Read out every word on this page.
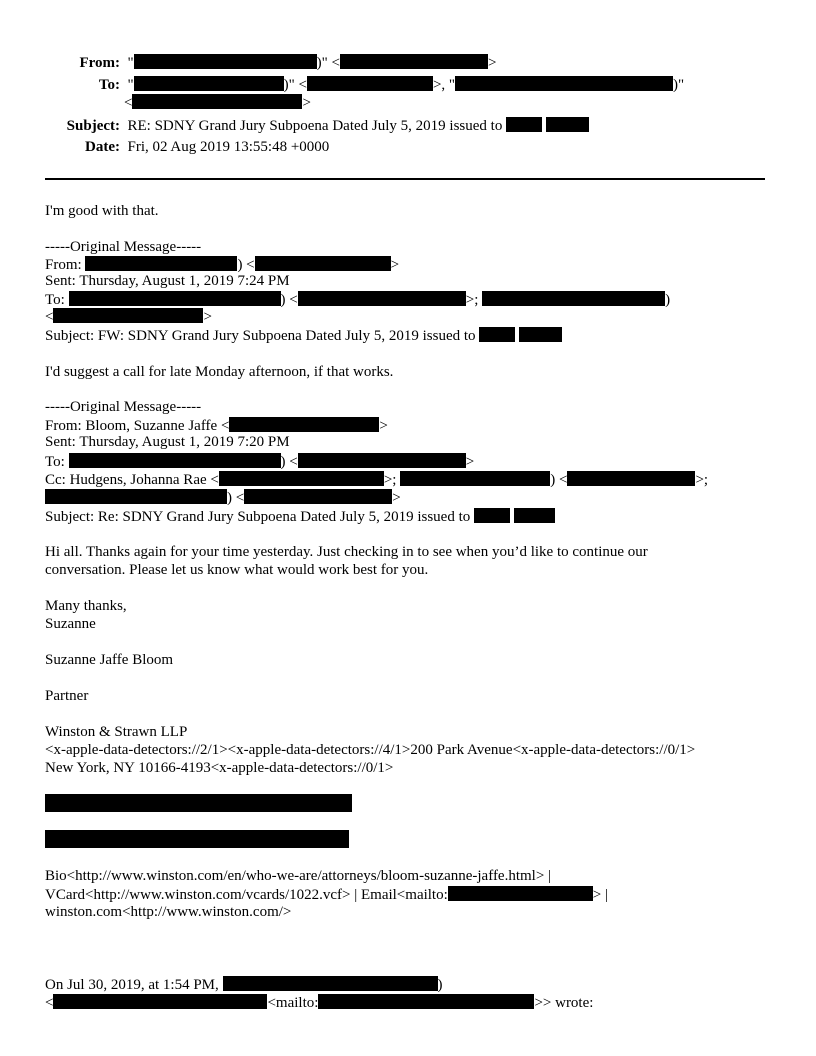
From:  "	)" <	>
To:  "	)" <	>, "	)"
<	>
Subject: RE: SDNY Grand Jury Subpoena Dated July 5, 2019 issued to
Date: Fri, 02 Aug 2019 13:55:48 +0000
I'm good with that.
-----Original Message-----
From:	) <	>
Sent: Thursday, August 1, 2019 7:24 PM
To:	) <	>;	)
<	>
Subject: FW: SDNY Grand Jury Subpoena Dated July 5, 2019 issued to
I'd suggest a call for late Monday afternoon, if that works.
-----Original Message-----
From: Bloom, Suzanne Jaffe <	>
Sent: Thursday, August 1, 2019 7:20 PM
To:	) <	>
Cc: Hudgens, Johanna Rae <	>;	) <	>;
) <	>
Subject: Re: SDNY Grand Jury Subpoena Dated July 5, 2019 issued to
Hi all. Thanks again for your time yesterday. Just checking in to see when you’d like to continue our
conversation. Please let us know what would work best for you.
Many thanks,
Suzanne
Suzanne Jaffe Bloom
Partner
Winston & Strawn LLP
<x-apple-data-detectors://2/1><x-apple-data-detectors://4/1>200 Park Avenue<x-apple-data-detectors://0/1>
New York, NY 10166-4193<x-apple-data-detectors://0/1>
Bio<http://www.winston.com/en/who-we-are/attorneys/bloom-suzanne-jaffe.html> |
VCard<http://www.winston.com/vcards/1022.vcf> | Email<mailto:	> |
winston.com<http://www.winston.com/>
On Jul 30, 2019, at 1:54 PM,	)
<	<mailto:	>> wrote:
